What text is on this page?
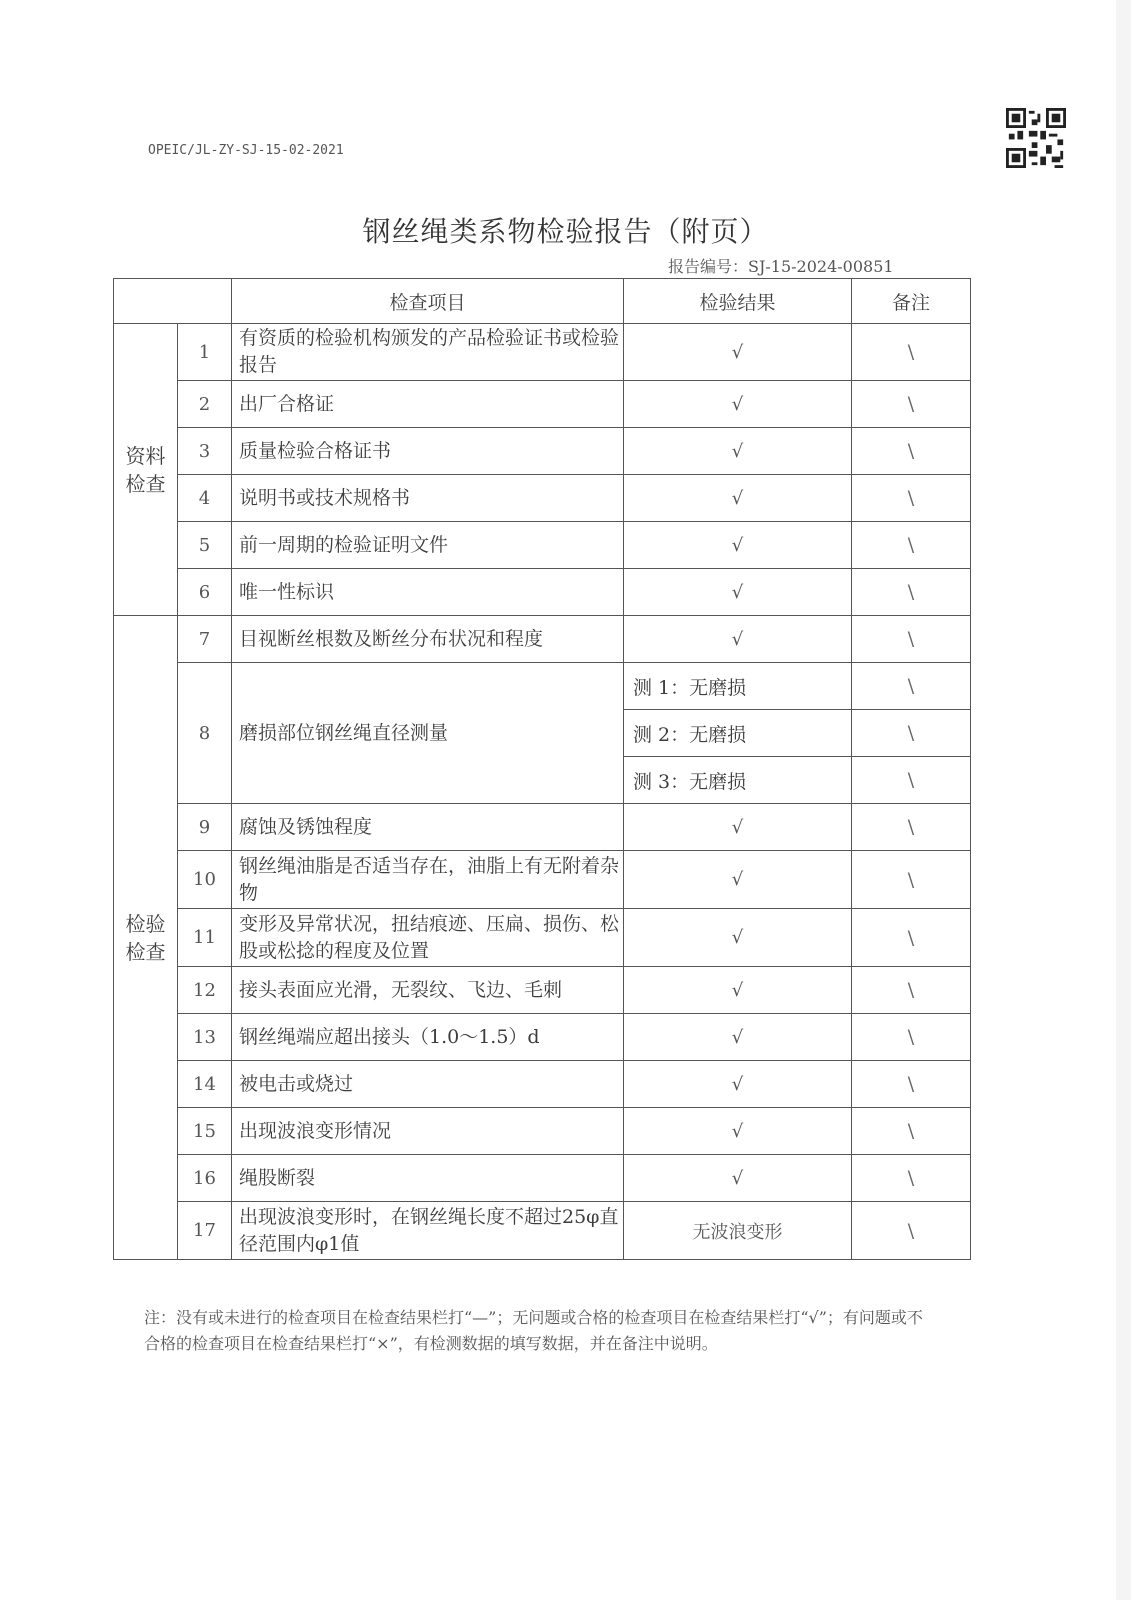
OPEIC/JL-ZY-SJ-15-02-2021
钢丝绳类系物检验报告（附页）
报告编号：SJ-15-2024-00851
		检查项目	检验结果	备注

资料检查	1	有资质的检验机构颁发的产品检验证书或检验报告	√	\
	2	出厂合格证	√	\
	3	质量检验合格证书	√	\
	4	说明书或技术规格书	√	\
	5	前一周期的检验证明文件	√	\
	6	唯一性标识	√	\

检验检查	7	目视断丝根数及断丝分布状况和程度	√	\
	8	磨损部位钢丝绳直径测量	测 1：无磨损	\
			测 2：无磨损	\
			测 3：无磨损	\
	9	腐蚀及锈蚀程度	√	\
	10	钢丝绳油脂是否适当存在，油脂上有无附着杂物	√	\
	11	变形及异常状况，扭结痕迹、压扁、损伤、松股或松捻的程度及位置	√	\
	12	接头表面应光滑，无裂纹、飞边、毛刺	√	\
	13	钢丝绳端应超出接头（1.0～1.5）d	√	\
	14	被电击或烧过	√	\
	15	出现波浪变形情况	√	\
	16	绳股断裂	√	\
	17	出现波浪变形时，在钢丝绳长度不超过25φ直径范围内φ1值	无波浪变形	\
注：没有或未进行的检查项目在检查结果栏打“—”；无问题或合格的检查项目在检查结果栏打“√”；有问题或不合格的检查项目在检查结果栏打“×”，有检测数据的填写数据，并在备注中说明。
